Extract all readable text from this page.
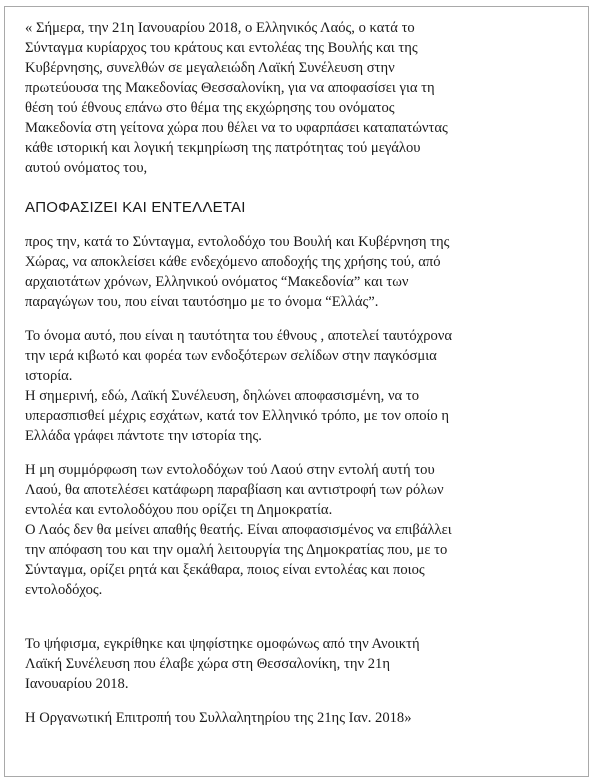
« Σήμερα, την 21η Ιανουαρίου 2018, ο Ελληνικός Λαός, ο κατά το
Σύνταγμα κυρίαρχος του κράτους και εντολέας της Βουλής και της
Κυβέρνησης, συνελθών σε μεγαλειώδη Λαϊκή Συνέλευση στην
πρωτεύουσα της Μακεδονίας Θεσσαλονίκη, για να αποφασίσει για τη
θέση τού έθνους επάνω στο θέμα της εκχώρησης του ονόματος
Μακεδονία στη γείτονα χώρα που θέλει να το υφαρπάσει καταπατώντας
κάθε ιστορική και λογική τεκμηρίωση της πατρότητας τού μεγάλου
αυτού ονόματος του,

ΑΠΟΦΑΣΙΖΕΙ ΚΑΙ ΕΝΤΕΛΛΕΤΑΙ

προς την, κατά το Σύνταγμα, εντολοδόχο του Βουλή και Κυβέρνηση της
Χώρας, να αποκλείσει κάθε ενδεχόμενο αποδοχής της χρήσης τού, από
αρχαιοτάτων χρόνων, Ελληνικού ονόματος “Μακεδονία” και των
παραγώγων του, που είναι ταυτόσημο με το όνομα “Ελλάς”.

Το όνομα αυτό, που είναι η ταυτότητα του έθνους , αποτελεί ταυτόχρονα
την ιερά κιβωτό και φορέα των ενδοξότερων σελίδων στην παγκόσμια
ιστορία.
Η σημερινή, εδώ, Λαϊκή Συνέλευση, δηλώνει αποφασισμένη, να το
υπερασπισθεί μέχρις εσχάτων, κατά τον Ελληνικό τρόπο, με τον οποίο η
Ελλάδα γράφει πάντοτε την ιστορία της.

Η μη συμμόρφωση των εντολοδόχων τού Λαού στην εντολή αυτή του
Λαού, θα αποτελέσει κατάφωρη παραβίαση και αντιστροφή των ρόλων
εντολέα και εντολοδόχου που ορίζει τη Δημοκρατία.
Ο Λαός δεν θα μείνει απαθής θεατής. Είναι αποφασισμένος να επιβάλλει
την απόφαση του και την ομαλή λειτουργία της Δημοκρατίας που, με το
Σύνταγμα, ορίζει ρητά και ξεκάθαρα, ποιος είναι εντολέας και ποιος
εντολοδόχος.

Το ψήφισμα, εγκρίθηκε και ψηφίστηκε ομοφώνως από την Ανοικτή
Λαϊκή Συνέλευση που έλαβε χώρα στη Θεσσαλονίκη, την 21η
Ιανουαρίου 2018.

Η Οργανωτική Επιτροπή του Συλλαλητηρίου της 21ης Ιαν. 2018»
